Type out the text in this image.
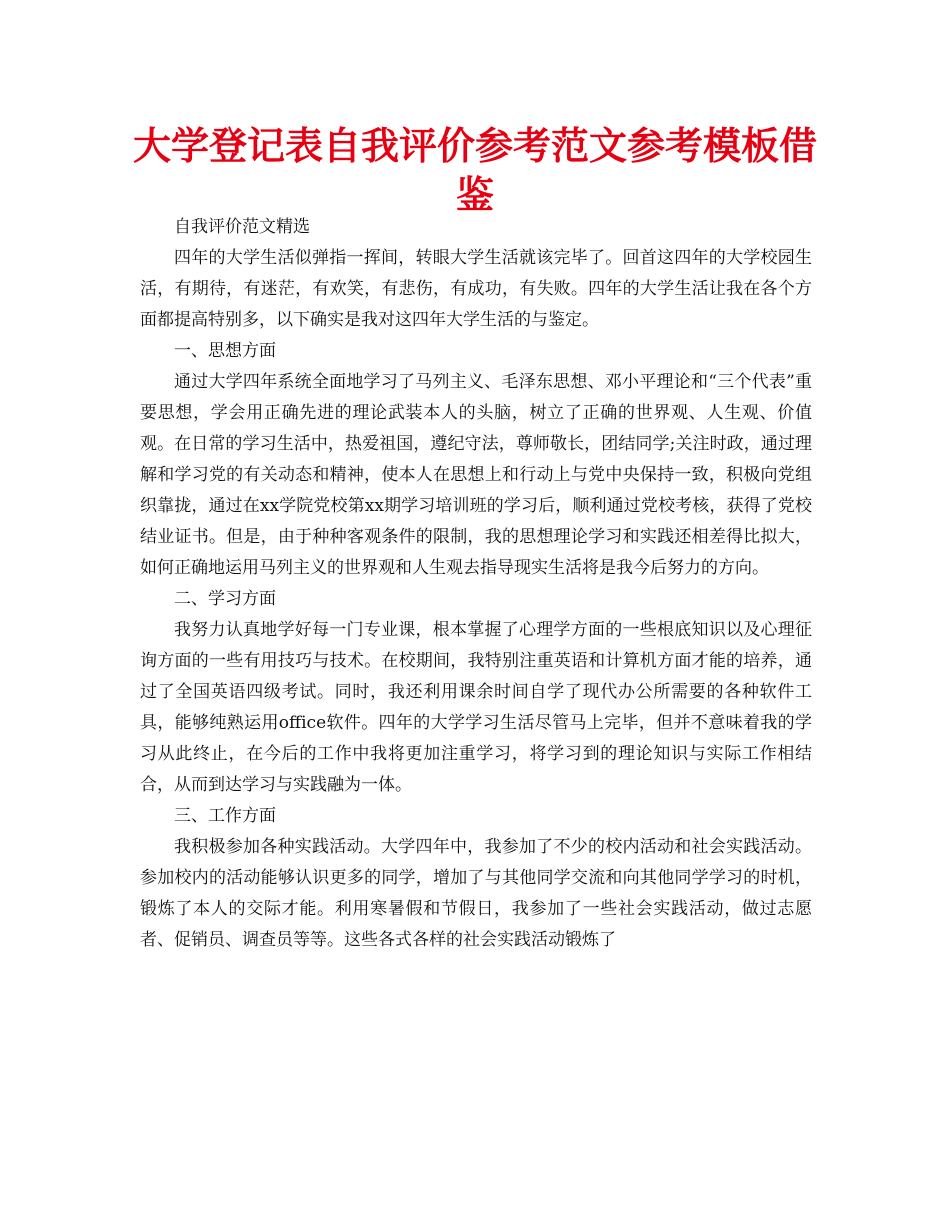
大学登记表自我评价参考范文参考模板借鉴

自我评价范文精选

四年的大学生活似弹指一挥间，转眼大学生活就该完毕了。回首这四年的大学校园生活，有期待，有迷茫，有欢笑，有悲伤，有成功，有失败。四年的大学生活让我在各个方面都提高特别多，以下确实是我对这四年大学生活的与鉴定。

一、思想方面

通过大学四年系统全面地学习了马列主义、毛泽东思想、邓小平理论和“三个代表”重要思想，学会用正确先进的理论武装本人的头脑，树立了正确的世界观、人生观、价值观。在日常的学习生活中，热爱祖国，遵纪守法，尊师敬长，团结同学;关注时政，通过理解和学习党的有关动态和精神，使本人在思想上和行动上与党中央保持一致，积极向党组织靠拢，通过在xx学院党校第xx期学习培训班的学习后，顺利通过党校考核，获得了党校结业证书。但是，由于种种客观条件的限制，我的思想理论学习和实践还相差得比拟大，如何正确地运用马列主义的世界观和人生观去指导现实生活将是我今后努力的方向。

二、学习方面

我努力认真地学好每一门专业课，根本掌握了心理学方面的一些根底知识以及心理征询方面的一些有用技巧与技术。在校期间，我特别注重英语和计算机方面才能的培养，通过了全国英语四级考试。同时，我还利用课余时间自学了现代办公所需要的各种软件工具，能够纯熟运用office软件。四年的大学学习生活尽管马上完毕，但并不意味着我的学习从此终止，在今后的工作中我将更加注重学习，将学习到的理论知识与实际工作相结合，从而到达学习与实践融为一体。

三、工作方面

我积极参加各种实践活动。大学四年中，我参加了不少的校内活动和社会实践活动。参加校内的活动能够认识更多的同学，增加了与其他同学交流和向其他同学学习的时机，锻炼了本人的交际才能。利用寒暑假和节假日，我参加了一些社会实践活动，做过志愿者、促销员、调查员等等。这些各式各样的社会实践活动锻炼了
